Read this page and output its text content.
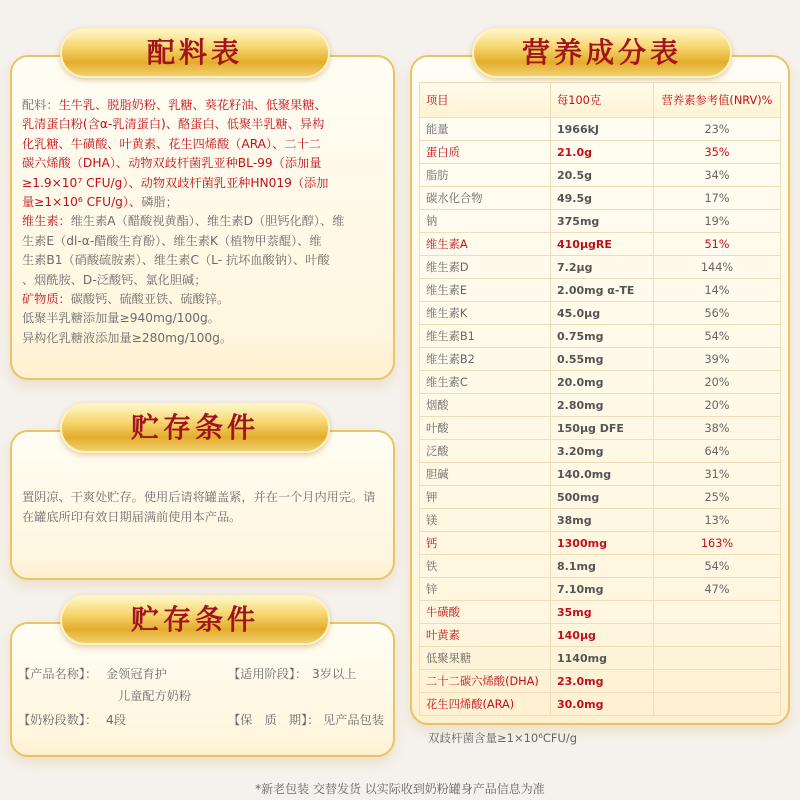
配料表
配料：生牛乳、脱脂奶粉、乳糖、葵花籽油、低聚果糖、
乳清蛋白粉(含α-乳清蛋白)、酪蛋白、低聚半乳糖、异构
化乳糖、牛磺酸、叶黄素、花生四烯酸（ARA）、二十二
碳六烯酸（DHA）、动物双歧杆菌乳亚种BL-99（添加量
≥1.9×10⁷ CFU/g）、动物双歧杆菌乳亚种HN019（添加
量≥1×10⁶ CFU/g）、磷脂；
维生素：维生素A（醋酸视黄酯）、维生素D（胆钙化醇）、维
生素E（dl-α-醋酸生育酚）、维生素K（植物甲萘醌）、维
生素B1（硝酸硫胺素）、维生素C（L- 抗坏血酸钠）、叶酸
、烟酰胺、D-泛酸钙、氯化胆碱；
矿物质：碳酸钙、硫酸亚铁、硫酸锌。
低聚半乳糖添加量≥940mg/100g。
异构化乳糖液添加量≥280mg/100g。
贮存条件
置阴凉、干爽处贮存。使用后请将罐盖紧，并在一个月内用完。请在罐底所印有效日期届满前使用本产品。
贮存条件
【产品名称】： 金领冠育护
儿童配方奶粉
【适用阶段】： 3岁以上
【奶粉段数】： 4段	【保　质　期】： 见产品包装
营养成分表
项目	每100克	营养素参考值(NRV)%
能量	1966kJ	23%
蛋白质	21.0g	35%
脂肪	20.5g	34%
碳水化合物	49.5g	17%
钠	375mg	19%
维生素A	410μgRE	51%
维生素D	7.2μg	144%
维生素E	2.00mg α-TE	14%
维生素K	45.0μg	56%
维生素B1	0.75mg	54%
维生素B2	0.55mg	39%
维生素C	20.0mg	20%
烟酸	2.80mg	20%
叶酸	150μg DFE	38%
泛酸	3.20mg	64%
胆碱	140.0mg	31%
钾	500mg	25%
镁	38mg	13%
钙	1300mg	163%
铁	8.1mg	54%
锌	7.10mg	47%
牛磺酸	35mg	
叶黄素	140μg	
低聚果糖	1140mg	
二十二碳六烯酸(DHA)	23.0mg	
花生四烯酸(ARA)	30.0mg	
双歧杆菌含量≥1×10⁶CFU/g
*新老包装 交替发货 以实际收到奶粉罐身产品信息为准
